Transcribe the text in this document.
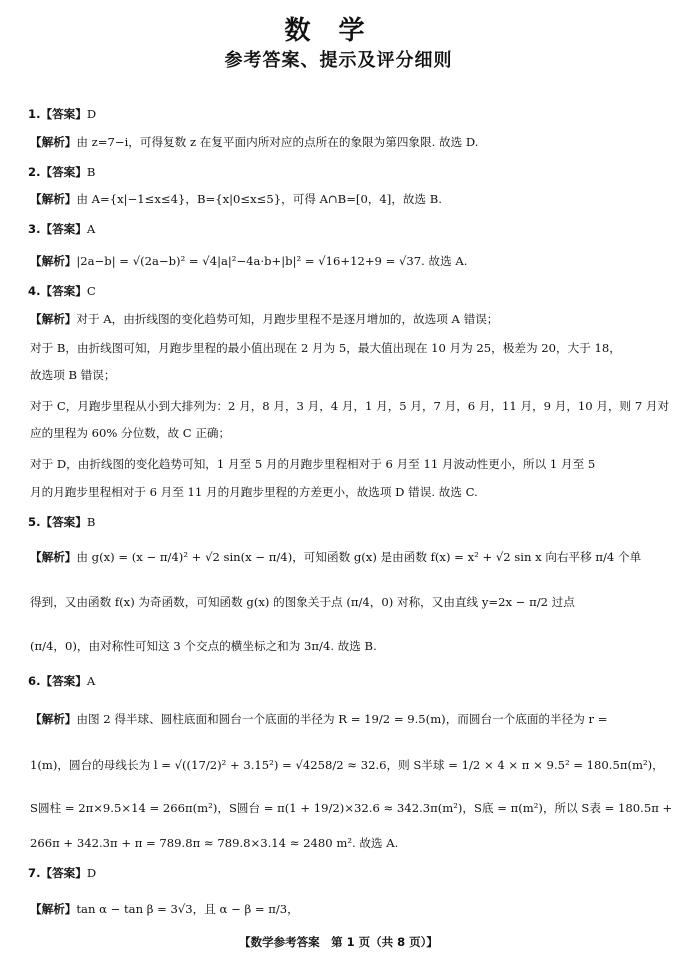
数学
参考答案、提示及评分细则
1.【答案】D
【解析】由 z=7−i，可得复数 z 在复平面内所对应的点所在的象限为第四象限. 故选 D.
2.【答案】B
【解析】由 A={x|−1≤x≤4}，B={x|0≤x≤5}，可得 A∩B=[0，4]，故选 B.
3.【答案】A
【解析】|2a−b| = √(2a−b)² = √4|a|²−4a·b+|b|² = √16+12+9 = √37. 故选 A.
4.【答案】C
【解析】对于 A，由折线图的变化趋势可知，月跑步里程不是逐月增加的，故选项 A 错误；
对于 B，由折线图可知，月跑步里程的最小值出现在 2 月为 5，最大值出现在 10 月为 25，极差为 20，大于 18，
故选项 B 错误；
对于 C，月跑步里程从小到大排列为：2 月，8 月，3 月，4 月，1 月，5 月，7 月，6 月，11 月，9 月，10 月，则 7 月对
应的里程为 60% 分位数，故 C 正确；
对于 D，由折线图的变化趋势可知，1 月至 5 月的月跑步里程相对于 6 月至 11 月波动性更小，所以 1 月至 5
月的月跑步里程相对于 6 月至 11 月的月跑步里程的方差更小，故选项 D 错误. 故选 C.
5.【答案】B
【解析】由 g(x) = (x − π/4)² + √2 sin(x − π/4)，可知函数 g(x) 是由函数 f(x) = x² + √2 sin x 向右平移 π/4 个单
得到，又由函数 f(x) 为奇函数，可知函数 g(x) 的图象关于点 (π/4，0) 对称，又由直线 y=2x − π/2 过点
(π/4，0)，由对称性可知这 3 个交点的横坐标之和为 3π/4. 故选 B.
6.【答案】A
【解析】由图 2 得半球、圆柱底面和圆台一个底面的半径为 R = 19/2 = 9.5(m)，而圆台一个底面的半径为 r =
1(m)，圆台的母线长为 l = √((17/2)² + 3.15²) = √4258/2 ≈ 32.6，则 S半球 = 1/2 × 4 × π × 9.5² = 180.5π(m²)，
S圆柱 = 2π×9.5×14 = 266π(m²)，S圆台 = π(1 + 19/2)×32.6 ≈ 342.3π(m²)，S底 = π(m²)，所以 S表 = 180.5π +
266π + 342.3π + π = 789.8π ≈ 789.8×3.14 ≈ 2480 m². 故选 A.
7.【答案】D
【解析】tan α − tan β = 3√3，且 α − β = π/3，
【数学参考答案　第 1 页（共 8 页）】
